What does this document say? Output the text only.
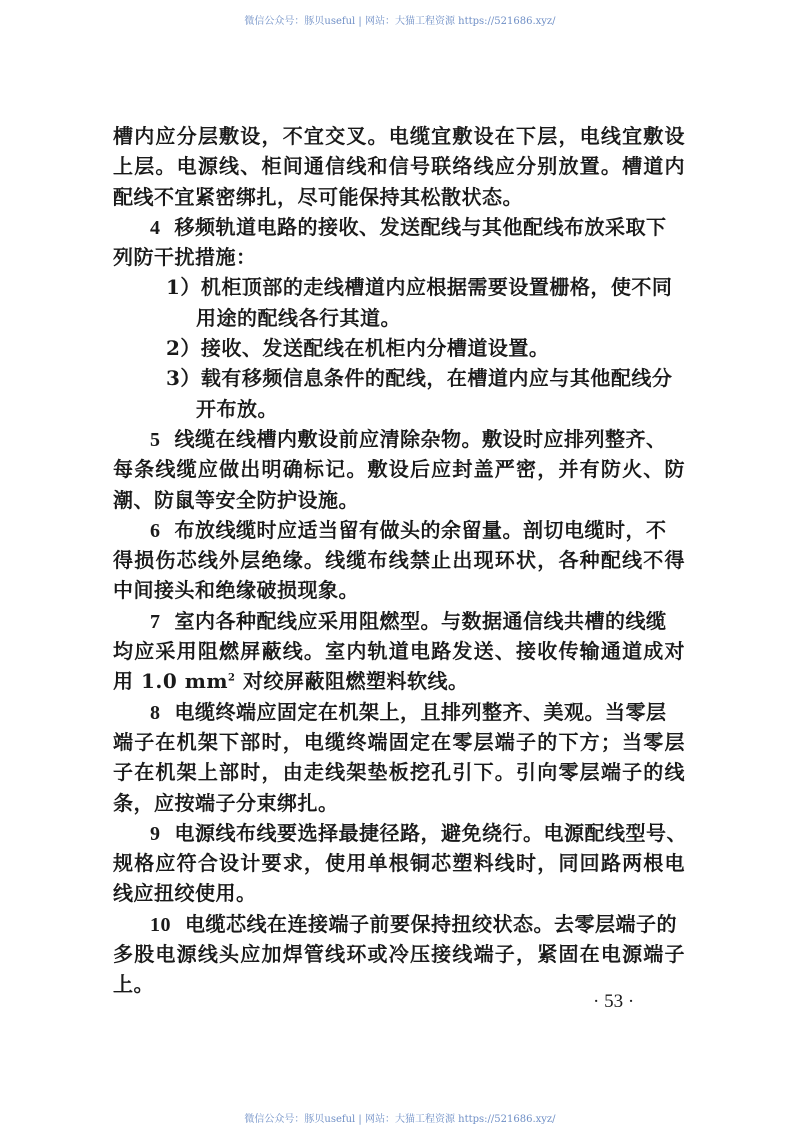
微信公众号：豚贝useful | 网站：大猫工程资源 https://521686.xyz/
槽内应分层敷设，不宜交叉。电缆宜敷设在下层，电线宜敷设
上层。电源线、柜间通信线和信号联络线应分别放置。槽道内
配线不宜紧密绑扎，尽可能保持其松散状态。
4 移频轨道电路的接收、发送配线与其他配线布放采取下
列防干扰措施：
1）机柜顶部的走线槽道内应根据需要设置栅格，使不同
用途的配线各行其道。
2）接收、发送配线在机柜内分槽道设置。
3）载有移频信息条件的配线，在槽道内应与其他配线分
开布放。
5 线缆在线槽内敷设前应清除杂物。敷设时应排列整齐、
每条线缆应做出明确标记。敷设后应封盖严密，并有防火、防
潮、防鼠等安全防护设施。
6 布放线缆时应适当留有做头的余留量。剖切电缆时，不
得损伤芯线外层绝缘。线缆布线禁止出现环状，各种配线不得
中间接头和绝缘破损现象。
7 室内各种配线应采用阻燃型。与数据通信线共槽的线缆
均应采用阻燃屏蔽线。室内轨道电路发送、接收传输通道成对
用 1.0 $mm^2$ 对绞屏蔽阻燃塑料软线。
8 电缆终端应固定在机架上，且排列整齐、美观。当零层
端子在机架下部时，电缆终端固定在零层端子的下方；当零层
子在机架上部时，由走线架垫板挖孔引下。引向零层端子的线
条，应按端子分束绑扎。
9 电源线布线要选择最捷径路，避免绕行。电源配线型号、
规格应符合设计要求，使用单根铜芯塑料线时，同回路两根电
线应扭绞使用。
10 电缆芯线在连接端子前要保持扭绞状态。去零层端子的
多股电源线头应加焊管线环或冷压接线端子，紧固在电源端子
上。
· 53 ·
微信公众号：豚贝useful | 网站：大猫工程资源 https://521686.xyz/
